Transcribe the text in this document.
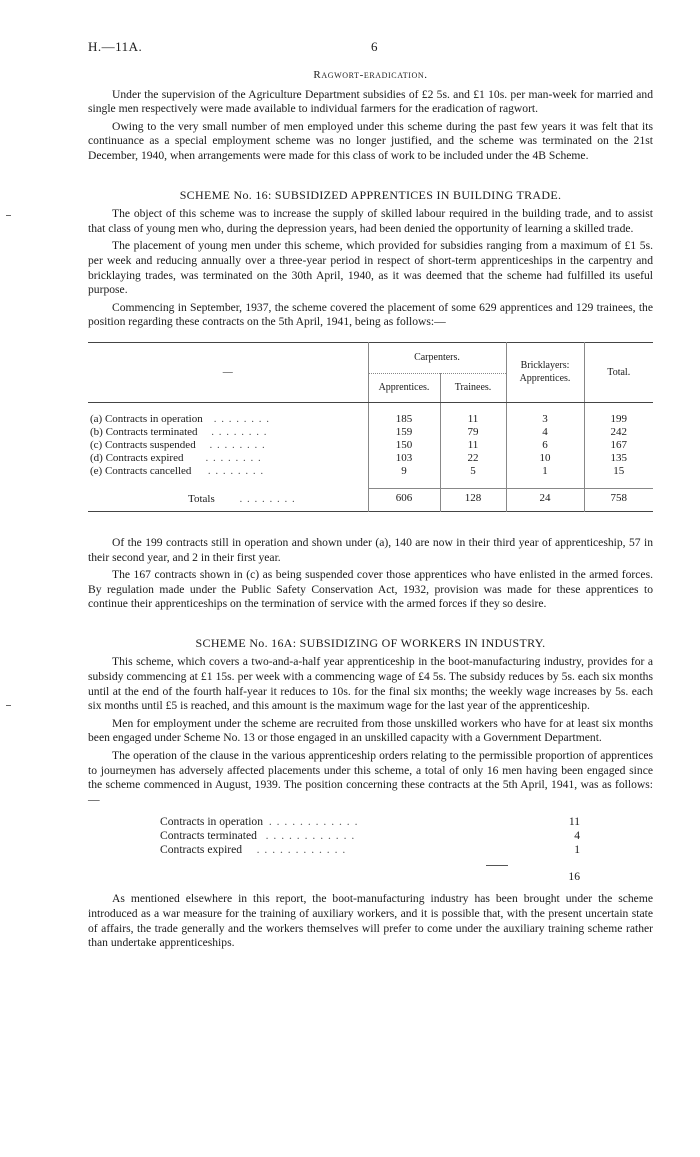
H.—11A.	6
Ragwort-eradication.

Under the supervision of the Agriculture Department subsidies of £2 5s. and £1 10s. per man-week for married and single men respectively were made available to individual farmers for the eradication of ragwort.

Owing to the very small number of men employed under this scheme during the past few years it was felt that its continuance as a special employment scheme was no longer justified, and the scheme was terminated on the 21st December, 1940, when arrangements were made for this class of work to be included under the 4B Scheme.

SCHEME No. 16: SUBSIDIZED APPRENTICES IN BUILDING TRADE.

The object of this scheme was to increase the supply of skilled labour required in the building trade, and to assist that class of young men who, during the depression years, had been denied the opportunity of learning a skilled trade.

The placement of young men under this scheme, which provided for subsidies ranging from a maximum of £1 5s. per week and reducing annually over a three-year period in respect of short-term apprenticeships in the carpentry and bricklaying trades, was terminated on the 30th April, 1940, as it was deemed that the scheme had fulfilled its useful purpose.

Commencing in September, 1937, the scheme covered the placement of some 629 apprentices and 129 trainees, the position regarding these contracts on the 5th April, 1941, being as follows:—

—	Carpenters.		Bricklayers: Apprentices.	Total.
	Apprentices.	Trainees.		

(a) Contracts in operation . . . . . . . .	185	11	3	199
(b) Contracts terminated . . . . . . . .	159	79	4	242
(c) Contracts suspended . . . . . . . .	150	11	6	167
(d) Contracts expired . . . . . . . .	103	22	10	135
(e) Contracts cancelled . . . . . . . .	9	5	1	15

Totals . . . . . . . .	606	128	24	758

Of the 199 contracts still in operation and shown under (a), 140 are now in their third year of apprenticeship, 57 in their second year, and 2 in their first year.

The 167 contracts shown in (c) as being suspended cover those apprentices who have enlisted in the armed forces. By regulation made under the Public Safety Conservation Act, 1932, provision was made for these apprentices to continue their apprenticeships on the termination of service with the armed forces if they so desire.

SCHEME No. 16A: SUBSIDIZING OF WORKERS IN INDUSTRY.

This scheme, which covers a two-and-a-half year apprenticeship in the boot-manufacturing industry, provides for a subsidy commencing at £1 15s. per week with a commencing wage of £4 5s. The subsidy reduces by 5s. each six months until at the end of the fourth half-year it reduces to 10s. for the final six months; the weekly wage increases by 5s. each six months until £5 is reached, and this amount is the maximum wage for the last year of the apprenticeship.

Men for employment under the scheme are recruited from those unskilled workers who have for at least six months been engaged under Scheme No. 13 or those engaged in an unskilled capacity with a Government Department.

The operation of the clause in the various apprenticeship orders relating to the permissible proportion of apprentices to journeymen has adversely affected placements under this scheme, a total of only 16 men having been engaged since the scheme commenced in August, 1939. The position concerning these contracts at the 5th April, 1941, was as follows:—

Contracts in operation . . . . . . . . . . . .	11
Contracts terminated . . . . . . . . . . . .	4
Contracts expired . . . . . . . . . . . .	1
16

As mentioned elsewhere in this report, the boot-manufacturing industry has been brought under the scheme introduced as a war measure for the training of auxiliary workers, and it is possible that, with the present uncertain state of affairs, the trade generally and the workers themselves will prefer to come under the auxiliary training scheme rather than undertake apprenticeships.
